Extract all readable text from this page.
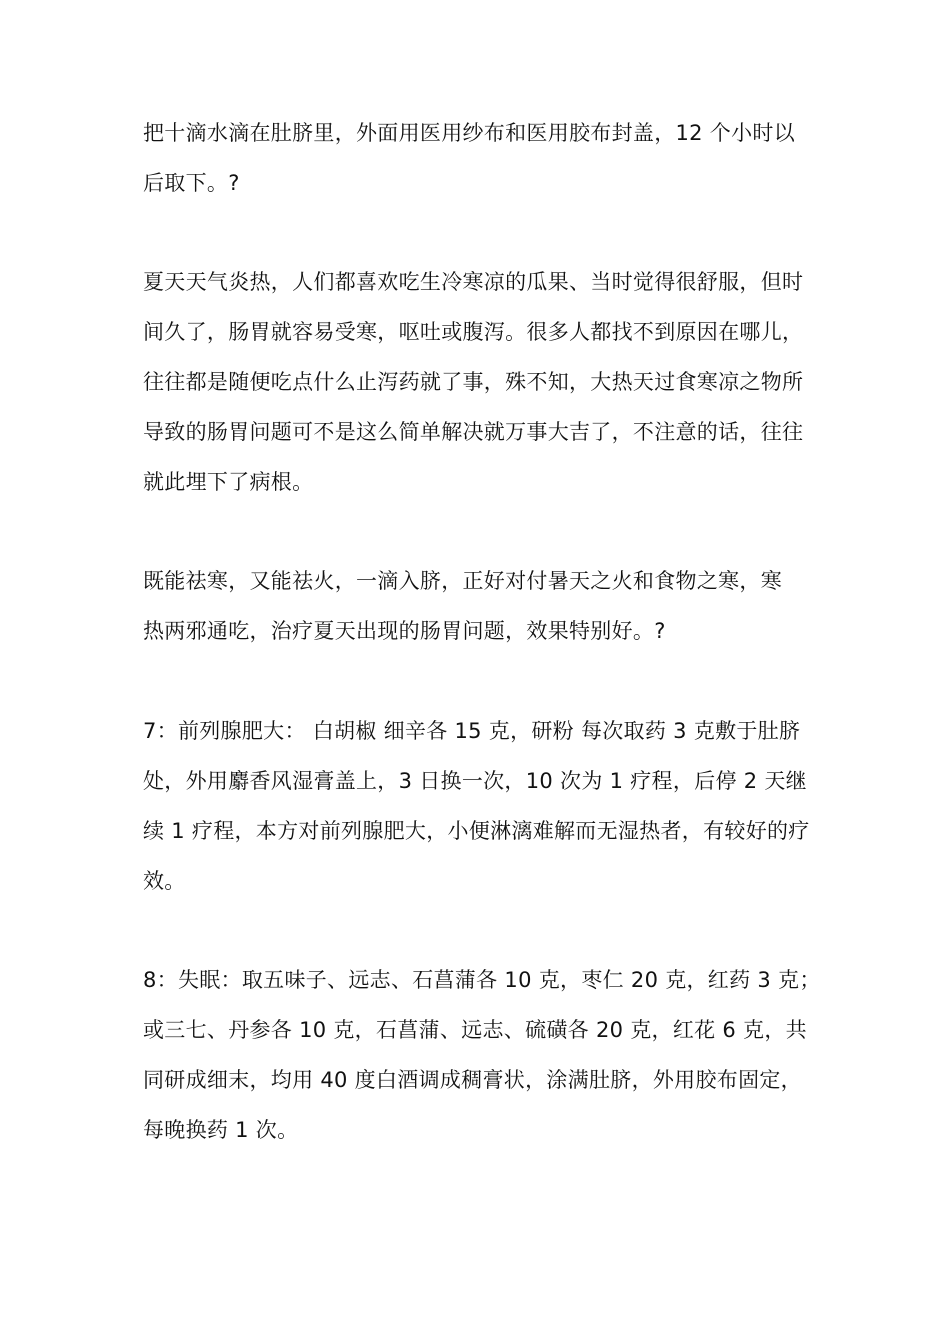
把十滴水滴在肚脐里，外面用医用纱布和医用胶布封盖，12 个小时以
后取下。?
夏天天气炎热，人们都喜欢吃生冷寒凉的瓜果、当时觉得很舒服，但时
间久了，肠胃就容易受寒，呕吐或腹泻。很多人都找不到原因在哪儿，
往往都是随便吃点什么止泻药就了事，殊不知，大热天过食寒凉之物所
导致的肠胃问题可不是这么简单解决就万事大吉了，不注意的话，往往
就此埋下了病根。
既能祛寒，又能祛火，一滴入脐，正好对付暑天之火和食物之寒，寒
热两邪通吃，治疗夏天出现的肠胃问题，效果特别好。?
7：前列腺肥大： 白胡椒 细辛各 15 克，研粉 每次取药 3 克敷于肚脐
处，外用麝香风湿膏盖上，3 日换一次，10 次为 1 疗程，后停 2 天继
续 1 疗程，本方对前列腺肥大，小便淋漓难解而无湿热者，有较好的疗
效。
8：失眠：取五味子、远志、石菖蒲各 10 克，枣仁 20 克，红药 3 克；
或三七、丹参各 10 克，石菖蒲、远志、硫磺各 20 克，红花 6 克，共
同研成细末，均用 40 度白酒调成稠膏状，涂满肚脐，外用胶布固定，
每晚换药 1 次。
